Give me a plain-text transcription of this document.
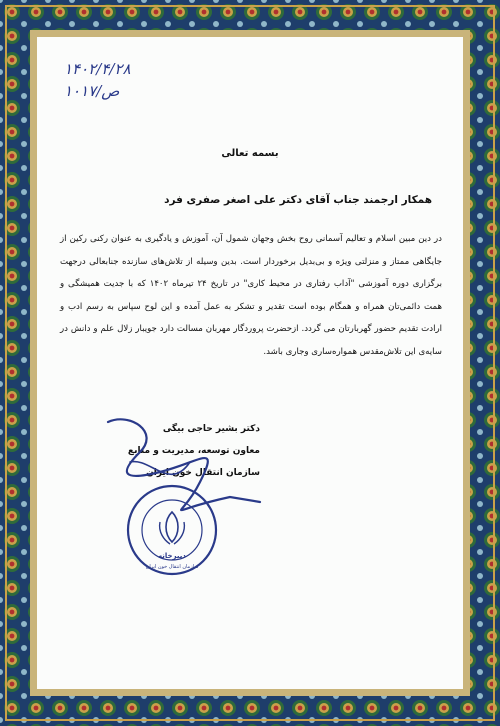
۱۴۰۲/۴/۲۸
ص/۱۰۱۷
بسمه تعالی
همکار ارجمند جناب آقای دکتر علی اصغر صفری فرد
در دین مبین اسلام و تعالیم آسمانی روح بخش وجهان شمول آن، آموزش و یادگیری به عنوان رکنی رکین از جایگاهی ممتاز و منزلتی ویژه و بی‌بدیل برخوردار است. بدین وسیله از تلاش‌های سازنده جنابعالی درجهت برگزاری دوره آموزشی "آداب رفتاری در محیط کاری" در تاریخ ۲۴ تیرماه ۱۴۰۲ که با جدیت همیشگی و همت دائمی‌تان همراه و همگام بوده است تقدیر و تشکر به عمل آمده و این لوح سپاس به رسم ادب و ارادت تقدیم حضور گهربارتان می گردد. ازحضرت پروردگار مهربان مسالت دارد جویبار زلال علم و دانش در سایه‌ی این تلاش‌مقدس همواره‌ساری وجاری باشد.
دکتر بشیر حاجی بیگی
معاون توسعه، مدیریت و منابع
سازمان انتقال خون ایران
دبیرخانه
سازمان انتقال خون ایران
